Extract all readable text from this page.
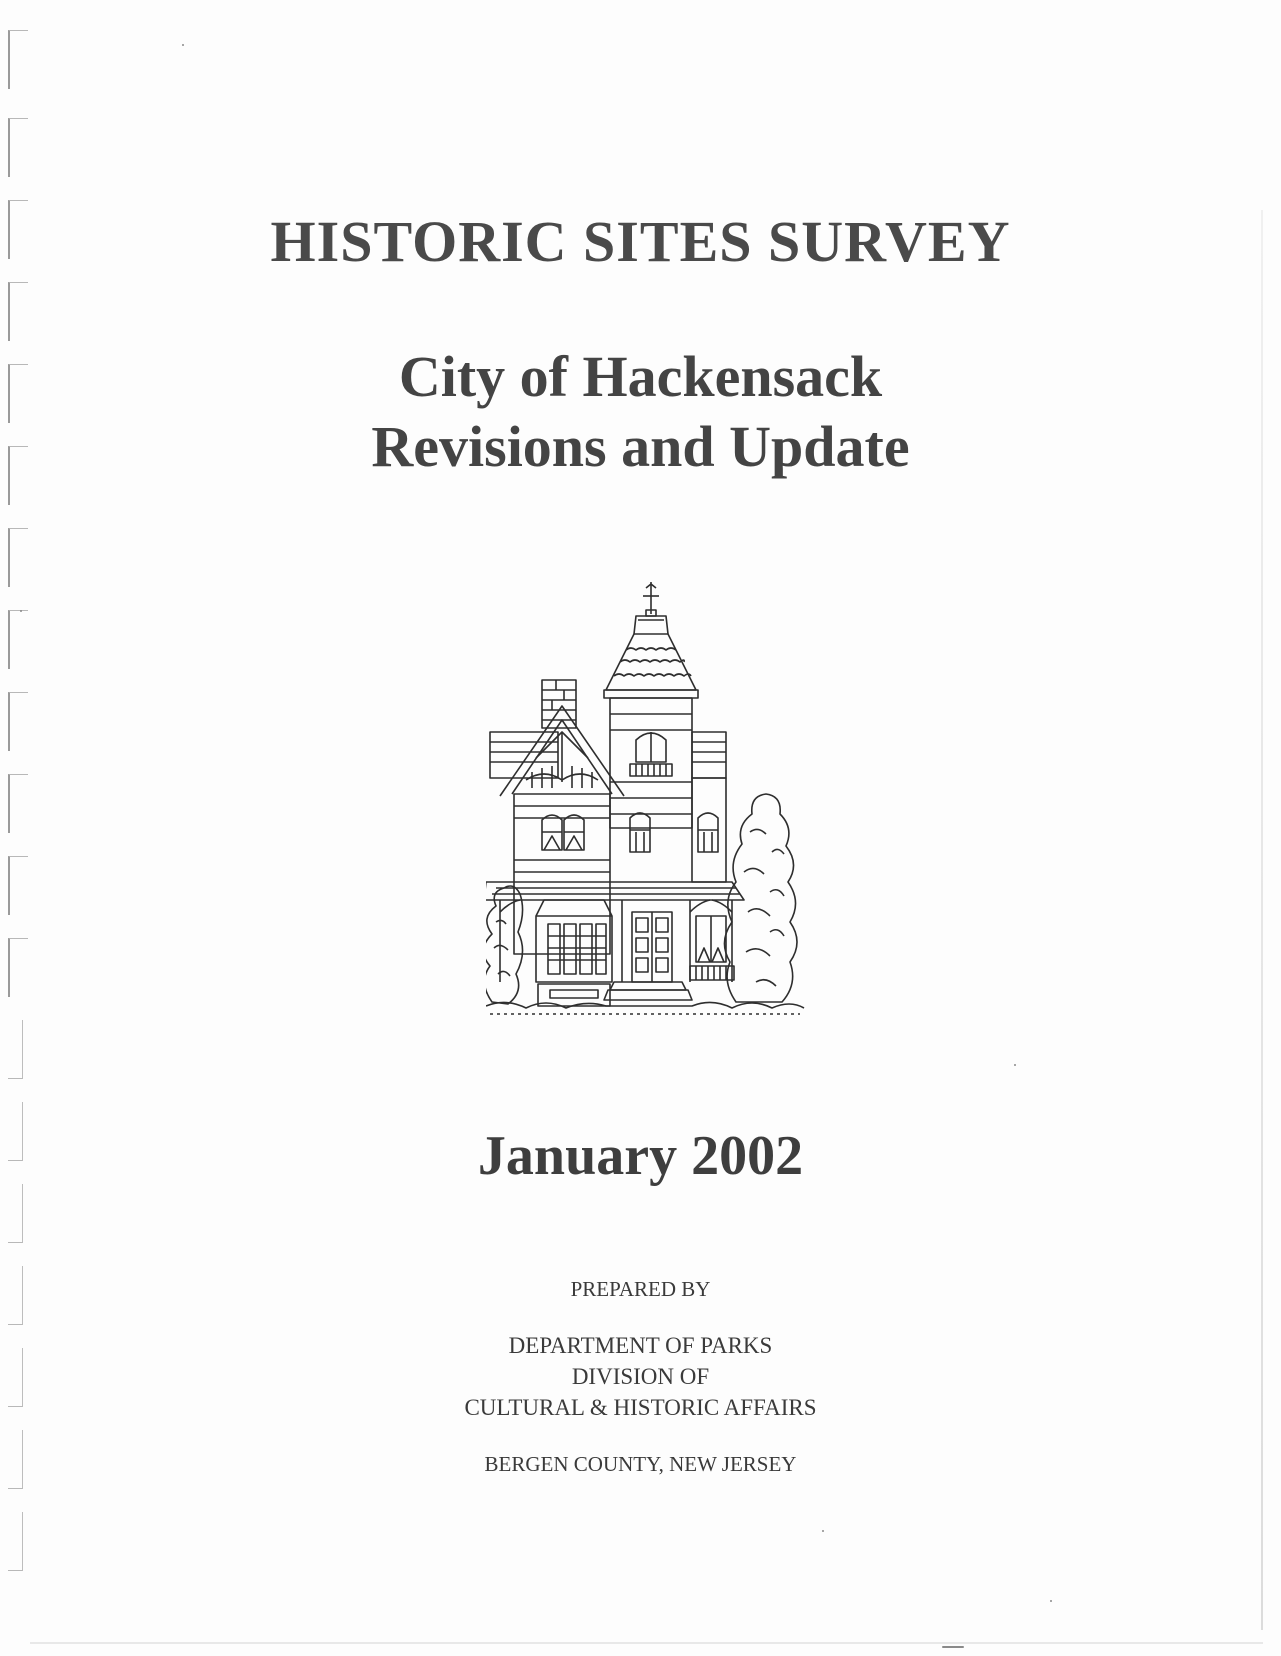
HISTORIC SITES SURVEY
City of Hackensack
Revisions and Update
January 2002
PREPARED BY
DEPARTMENT OF PARKS
DIVISION OF
CULTURAL & HISTORIC AFFAIRS
BERGEN COUNTY, NEW JERSEY
